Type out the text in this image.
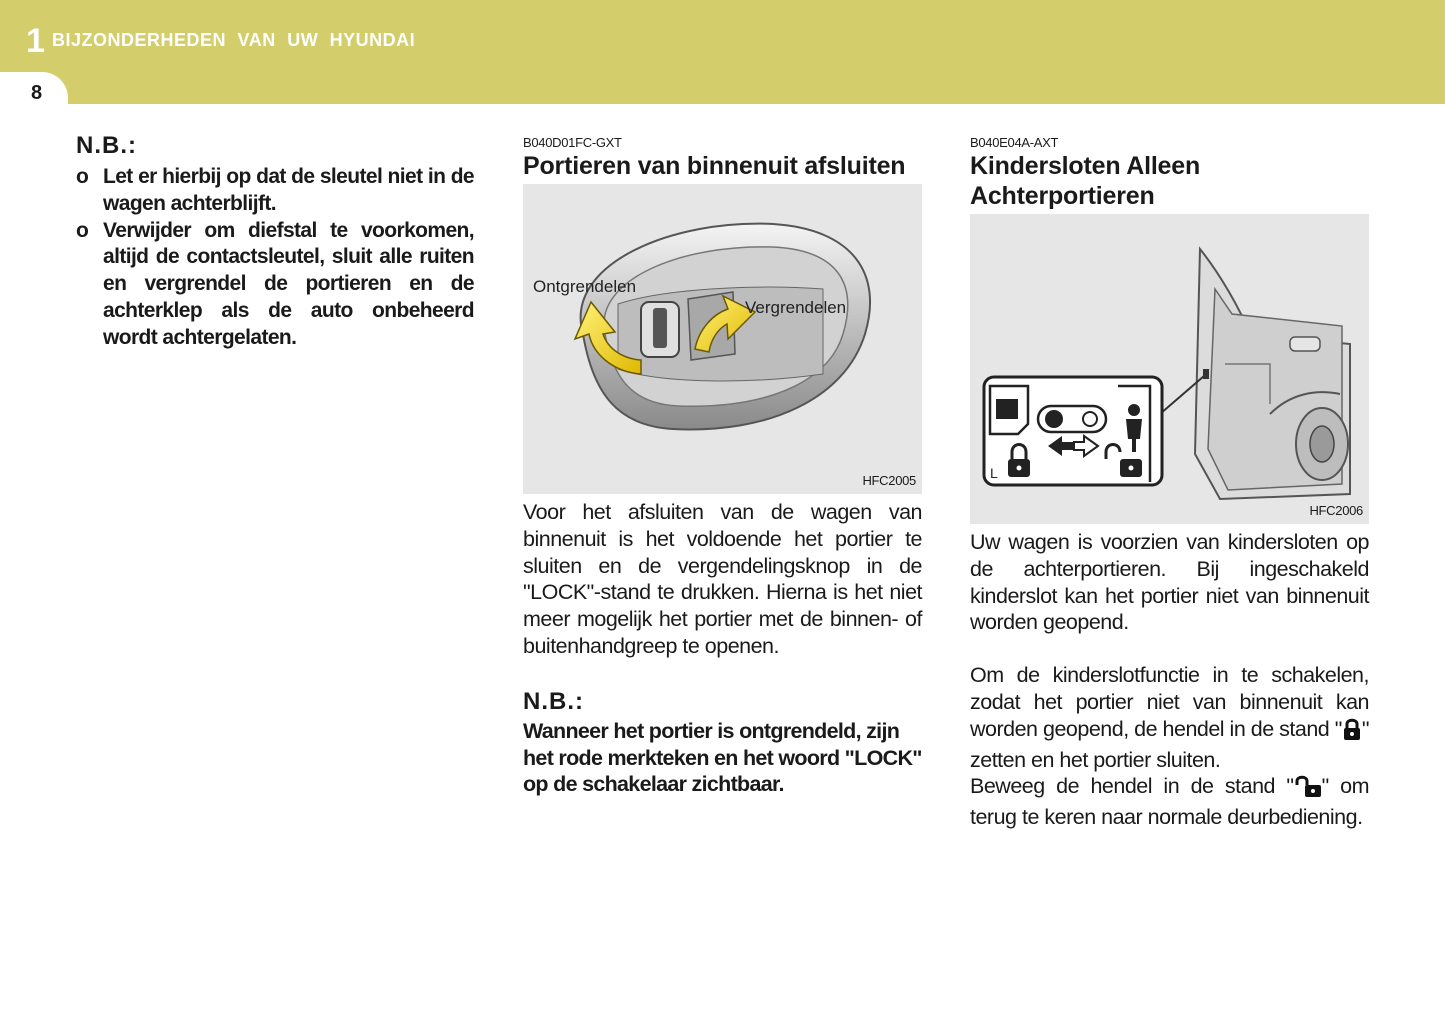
1 BIJZONDERHEDEN VAN UW HYUNDAI
8
N.B.:
o Let er hierbij op dat de sleutel niet in de wagen achterblijft.
o Verwijder om diefstal te voorkomen, altijd de contactsleutel, sluit alle ruiten en vergrendel de portieren en de achterklep als de auto onbeheerd wordt achtergelaten.

B040D01FC-GXT

Portieren van binnenuit afsluiten
Ontgrendelen
Vergrendelen
HFC2005

Voor het afsluiten van de wagen van binnenuit is het voldoende het portier te sluiten en de vergendelingsknop in de "LOCK"-stand te drukken. Hierna is het niet meer mogelijk het portier met de binnen- of buitenhandgreep te openen.

N.B.:

Wanneer het portier is ontgrendeld, zijn het rode merkteken en het woord "LOCK" op de schakelaar zichtbaar.

B040E04A-AXT

Kindersloten Alleen
Achterportieren
L
HFC2006

Uw wagen is voorzien van kindersloten op de achterportieren. Bij ingeschakeld kinderslot kan het portier niet van binnenuit worden geopend.

Om de kinderslotfunctie in te schakelen, zodat het portier niet van binnenuit kan worden geopend, de hendel in de stand " " zetten en het portier sluiten.

Beweeg de hendel in de stand " " om terug te keren naar normale deurbediening.
